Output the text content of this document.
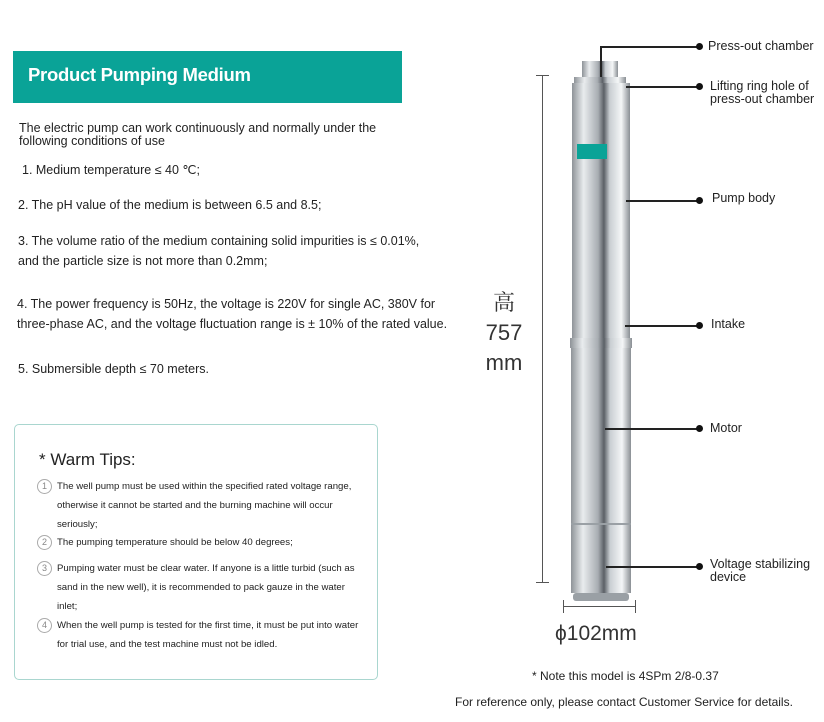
Product Pumping Medium
The electric pump can work continuously and normally under the following conditions of use
1. Medium temperature ≤ 40 ℃;
2. The pH value of the medium is between 6.5 and 8.5;
3. The volume ratio of the medium containing solid impurities is ≤ 0.01%,
and the particle size is not more than 0.2mm;
4. The power frequency is 50Hz, the voltage is 220V for single AC, 380V for
three-phase AC, and the voltage fluctuation range is ± 10% of the rated value.
5. Submersible depth ≤ 70 meters.
* Warm Tips:
1	The well pump must be used within the specified rated voltage range, otherwise it cannot be started and the burning machine will occur seriously;
2	The pumping temperature should be below 40 degrees;
3	Pumping water must be clear water. If anyone is a little turbid (such as sand in the new well), it is recommended to pack gauze in the water inlet;
4	When the well pump is tested for the first time, it must be put into water for trial use, and the test machine must not be idled.
高
757
mm
ϕ102mm
Press-out chamber
Lifting ring hole of
press-out chamber
Pump body
Intake
Motor
Voltage stabilizing
device
* Note this model is 4SPm 2/8-0.37
For reference only, please contact Customer Service for details.
